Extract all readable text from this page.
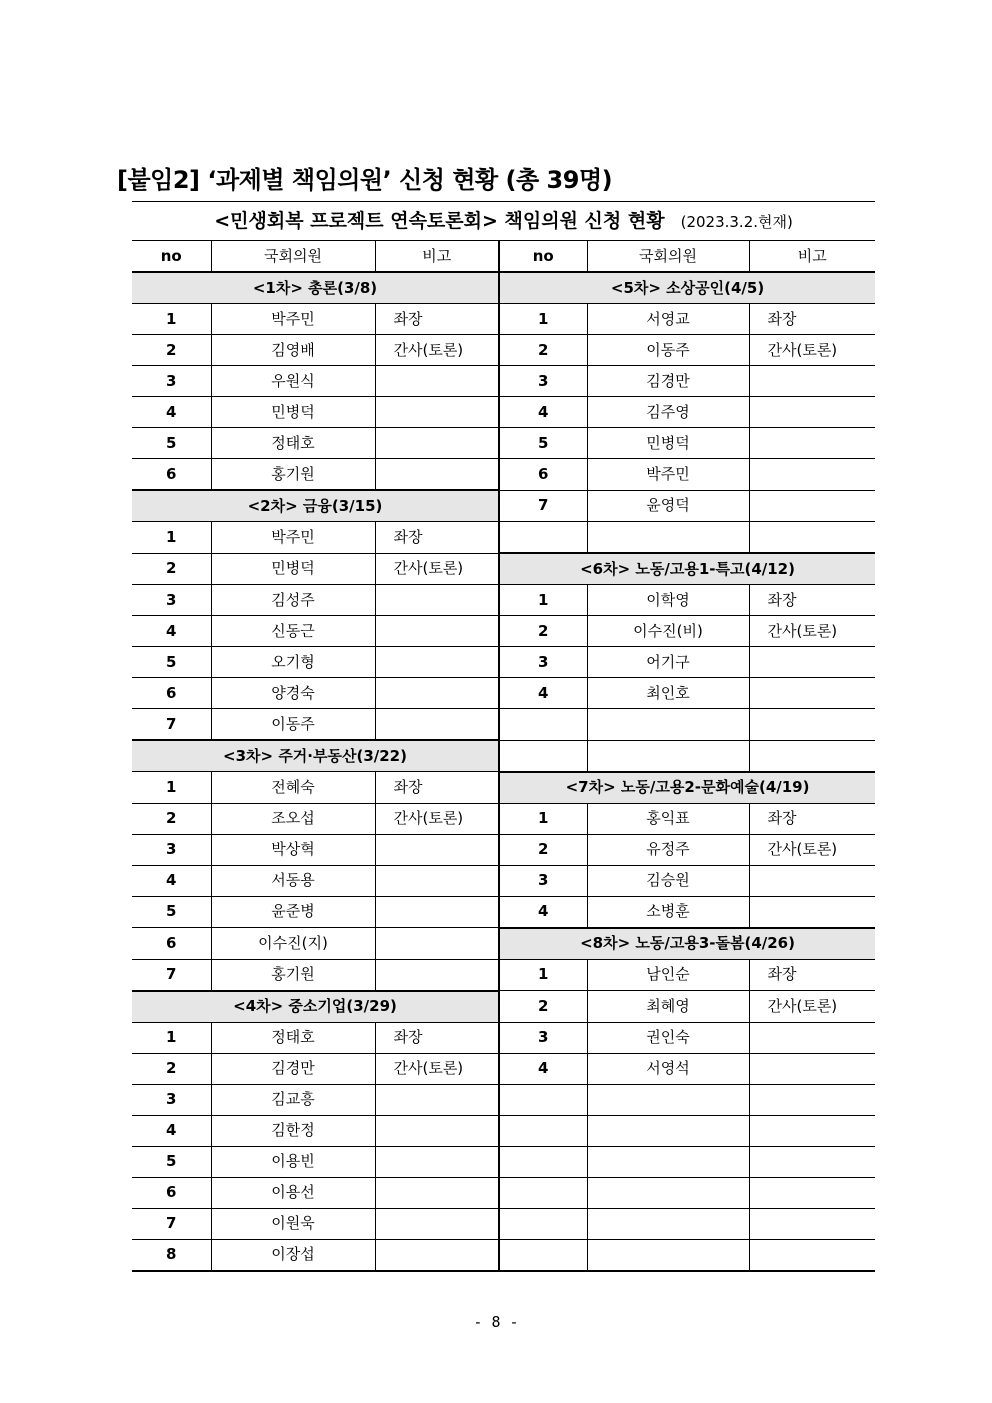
[붙임2] ‘과제별 책임의원’ 신청 현황 (총 39명)
<민생회복 프로젝트 연속토론회> 책임의원 신청 현황 (2023.3.2.현재)					
no	국회의원	비고	no	국회의원	비고
<1차> 총론(3/8)			<5차> 소상공인(4/5)		
1	박주민	좌장	1	서영교	좌장
2	김영배	간사(토론)	2	이동주	간사(토론)
3	우원식		3	김경만	
4	민병덕		4	김주영	
5	정태호		5	민병덕	
6	홍기원		6	박주민	
<2차> 금융(3/15)			7	윤영덕	
1	박주민	좌장			
2	민병덕	간사(토론)	<6차> 노동/고용1-특고(4/12)		
3	김성주		1	이학영	좌장
4	신동근		2	이수진(비)	간사(토론)
5	오기형		3	어기구	
6	양경숙		4	최인호	
7	이동주				
<3차> 주거·부동산(3/22)					
1	전혜숙	좌장	<7차> 노동/고용2-문화예술(4/19)		
2	조오섭	간사(토론)	1	홍익표	좌장
3	박상혁		2	유정주	간사(토론)
4	서동용		3	김승원	
5	윤준병		4	소병훈	
6	이수진(지)		<8차> 노동/고용3-돌봄(4/26)		
7	홍기원		1	남인순	좌장
<4차> 중소기업(3/29)			2	최혜영	간사(토론)
1	정태호	좌장	3	권인숙	
2	김경만	간사(토론)	4	서영석	
3	김교흥				
4	김한정				
5	이용빈				
6	이용선				
7	이원욱				
8	이장섭				
- 8 -
